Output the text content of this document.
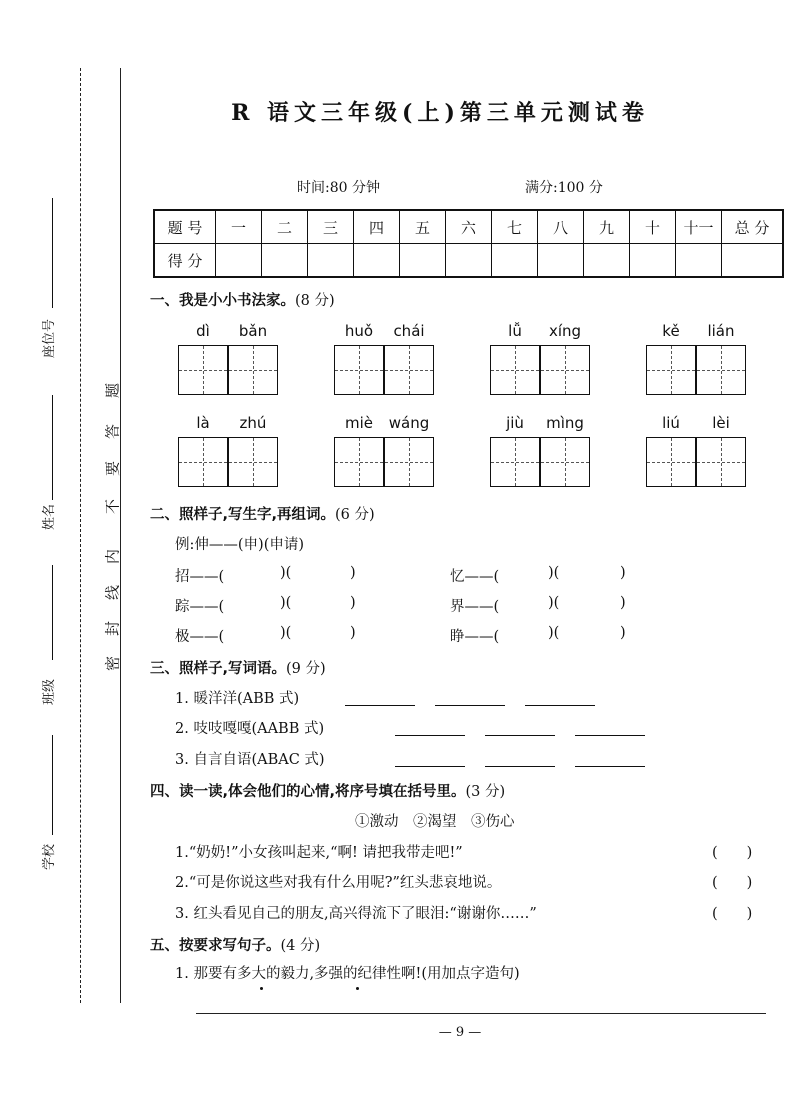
座位号
姓名
班级
学校
密
封
线
内
不
要
答
题
R 语文三年级(上)第三单元测试卷
时间:80 分钟	满分:100 分
题 号	一	二	三	四	五	六	七	八	九	十	十一	总 分
得 分												
一、我是小小书法家。(8 分)
dì	bǎn	huǒ	chái	lǚ	xíng	kě	lián
là	zhú	miè	wáng	jiù	mìng	liú	lèi
二、照样子,写生字,再组词。(6 分)
例:伸——(申)(申请)
招——(	)(	)	忆——(	)(	)
踪——(	)(	)	界——(	)(	)
极——(	)(	)	睁——(	)(	)
三、照样子,写词语。(9 分)
1. 暖洋洋(ABB 式)
2. 吱吱嘎嘎(AABB 式)
3. 自言自语(ABAC 式)
四、读一读,体会他们的心情,将序号填在括号里。(3 分)
①激动　②渴望　③伤心
1.“奶奶!”小女孩叫起来,“啊! 请把我带走吧!”	(　　)
2.“可是你说这些对我有什么用呢?”红头悲哀地说。	(　　)
3. 红头看见自己的朋友,高兴得流下了眼泪:“谢谢你……”	(　　)
五、按要求写句子。(4 分)
1. 那要有多大的毅力,多强的纪律性啊!(用加点字造句)
— 9 —
